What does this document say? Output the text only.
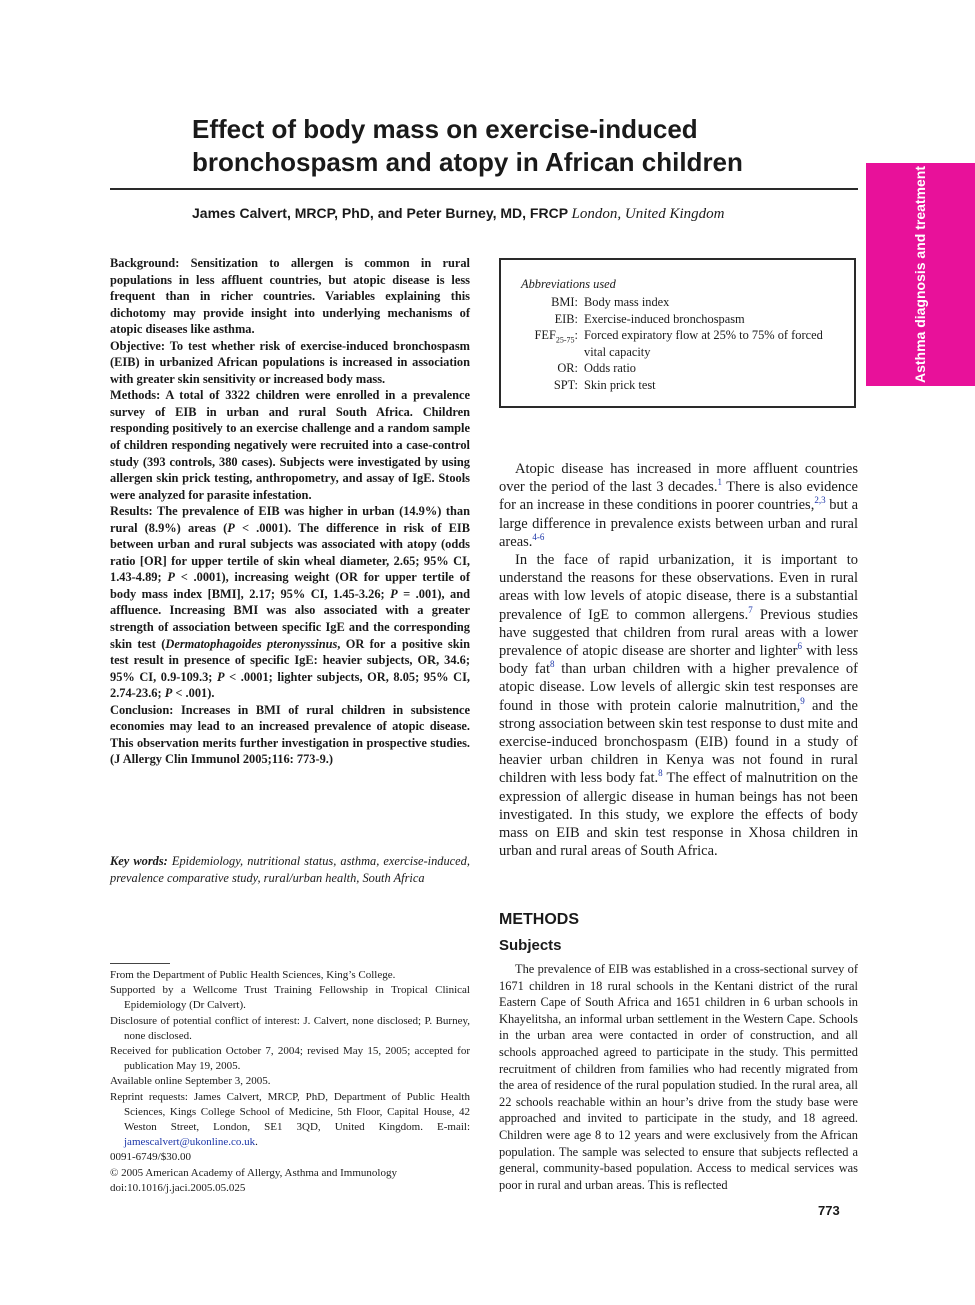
Effect of body mass on exercise-induced bronchospasm and atopy in African children
James Calvert, MRCP, PhD, and Peter Burney, MD, FRCP London, United Kingdom	Asthma diagnosis and treatment

Background: Sensitization to allergen is common in rural populations in less affluent countries, but atopic disease is less frequent than in richer countries. Variables explaining this dichotomy may provide insight into underlying mechanisms of atopic diseases like asthma.

Objective: To test whether risk of exercise-induced bronchospasm (EIB) in urbanized African populations is increased in association with greater skin sensitivity or increased body mass.

Methods: A total of 3322 children were enrolled in a prevalence survey of EIB in urban and rural South Africa. Children responding positively to an exercise challenge and a random sample of children responding negatively were recruited into a case-control study (393 controls, 380 cases). Subjects were investigated by using allergen skin prick testing, anthropometry, and assay of IgE. Stools were analyzed for parasite infestation.

Results: The prevalence of EIB was higher in urban (14.9%) than rural (8.9%) areas (P < .0001). The difference in risk of EIB between urban and rural subjects was associated with atopy (odds ratio [OR] for upper tertile of skin wheal diameter, 2.65; 95% CI, 1.43-4.89; P < .0001), increasing weight (OR for upper tertile of body mass index [BMI], 2.17; 95% CI, 1.45-3.26; P = .001), and affluence. Increasing BMI was also associated with a greater strength of association between specific IgE and the corresponding skin test (Dermatophagoides pteronyssinus, OR for a positive skin test result in presence of specific IgE: heavier subjects, OR, 34.6; 95% CI, 0.9-109.3; P < .0001; lighter subjects, OR, 8.05; 95% CI, 2.74-23.6; P < .001).

Conclusion: Increases in BMI of rural children in subsistence economies may lead to an increased prevalence of atopic disease. This observation merits further investigation in prospective studies. (J Allergy Clin Immunol 2005;116: 773-9.)

Key words: Epidemiology, nutritional status, asthma, exercise-induced, prevalence comparative study, rural/urban health, South Africa

From the Department of Public Health Sciences, King’s College.

Supported by a Wellcome Trust Training Fellowship in Tropical Clinical Epidemiology (Dr Calvert).

Disclosure of potential conflict of interest: J. Calvert, none disclosed; P. Burney, none disclosed.

Received for publication October 7, 2004; revised May 15, 2005; accepted for publication May 19, 2005.

Available online September 3, 2005.

Reprint requests: James Calvert, MRCP, PhD, Department of Public Health Sciences, Kings College School of Medicine, 5th Floor, Capital House, 42 Weston Street, London, SE1 3QD, United Kingdom. E-mail: jamescalvert@ukonline.co.uk.

0091-6749/$30.00

© 2005 American Academy of Allergy, Asthma and Immunology

doi:10.1016/j.jaci.2005.05.025

Abbreviations used
BMI: Body mass index
EIB: Exercise-induced bronchospasm
$FEF_{25-75}$: Forced expiratory flow at 25% to 75% of forced vital capacity
OR: Odds ratio
SPT: Skin prick test

Atopic disease has increased in more affluent countries over the period of the last 3 decades.$^1$ There is also evidence for an increase in these conditions in poorer countries,$^{2,3}$ but a large difference in prevalence exists between urban and rural areas.$^{4-6}$

In the face of rapid urbanization, it is important to understand the reasons for these observations. Even in rural areas with low levels of atopic disease, there is a substantial prevalence of IgE to common allergens.$^7$ Previous studies have suggested that children from rural areas with a lower prevalence of atopic disease are shorter and lighter$^6$ with less body fat$^8$ than urban children with a higher prevalence of atopic disease. Low levels of allergic skin test responses are found in those with protein calorie malnutrition,$^9$ and the strong association between skin test response to dust mite and exercise-induced bronchospasm (EIB) found in a study of heavier urban children in Kenya was not found in rural children with less body fat.$^8$ The effect of malnutrition on the expression of allergic disease in human beings has not been investigated. In this study, we explore the effects of body mass on EIB and skin test response in Xhosa children in urban and rural areas of South Africa.

METHODS
Subjects

The prevalence of EIB was established in a cross-sectional survey of 1671 children in 18 rural schools in the Kentani district of the rural Eastern Cape of South Africa and 1651 children in 6 urban schools in Khayelitsha, an informal urban settlement in the Western Cape. Schools in the urban area were contacted in order of construction, and all schools approached agreed to participate in the study. This permitted recruitment of children from families who had recently migrated from the area of residence of the rural population studied. In the rural area, all 22 schools reachable within an hour’s drive from the study base were approached and invited to participate in the study, and 18 agreed. Children were age 8 to 12 years and were exclusively from the African population. The sample was selected to ensure that subjects reflected a general, community-based population. Access to medical services was poor in rural and urban areas. This is reflected

773
